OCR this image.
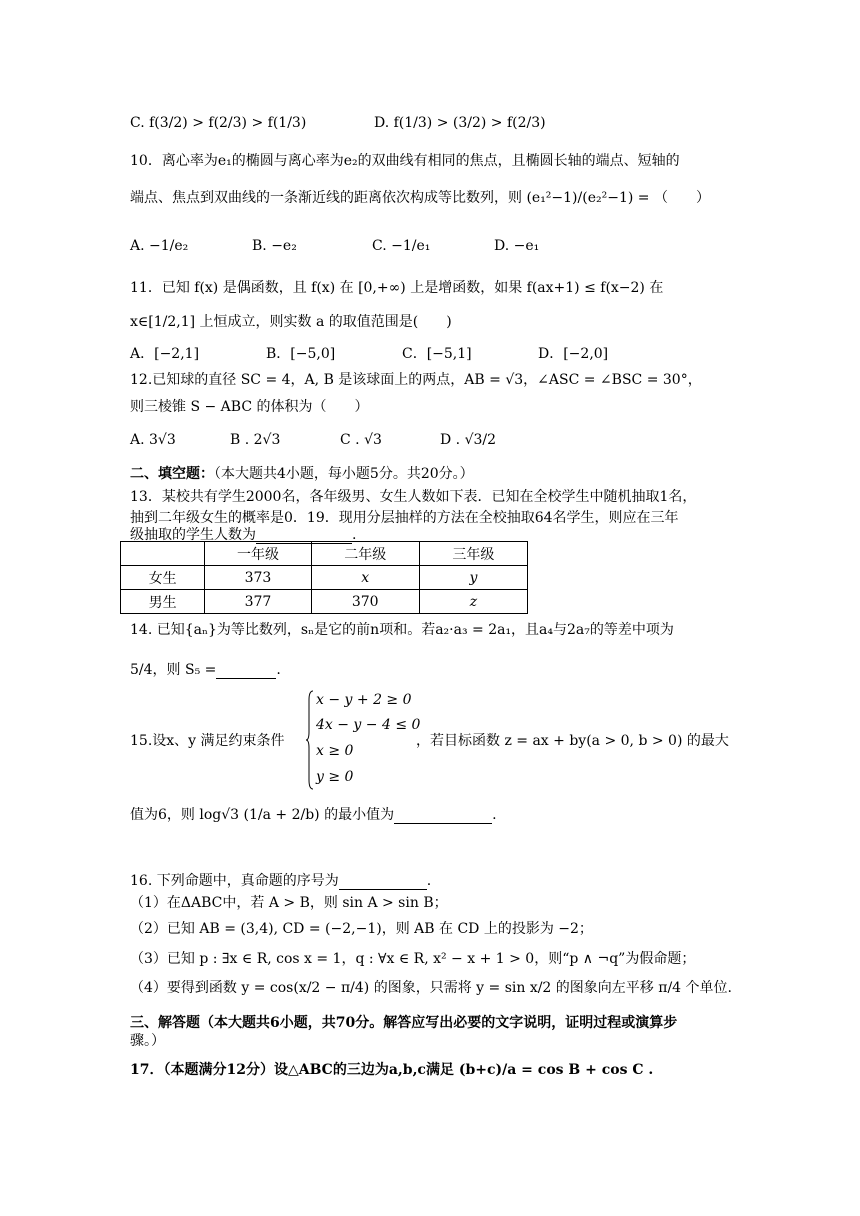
C. f(3/2) > f(2/3) > f(1/3)	D. f(1/3) > (3/2) > f(2/3)
10．离心率为e₁的椭圆与离心率为e₂的双曲线有相同的焦点，且椭圆长轴的端点、短轴的
端点、焦点到双曲线的一条渐近线的距离依次构成等比数列，则 (e₁²−1)/(e₂²−1) = （　　）
A. −1/e₂	B. −e₂	C. −1/e₁	D. −e₁
11．已知 f(x) 是偶函数，且 f(x) 在 [0,+∞) 上是增函数，如果 f(ax+1) ≤ f(x−2) 在
x∈[1/2,1] 上恒成立，则实数 a 的取值范围是(　　)
A．[−2,1]	B．[−5,0]	C．[−5,1]	D．[−2,0]
12.已知球的直径 SC = 4，A, B 是该球面上的两点，AB = √3，∠ASC = ∠BSC = 30°，
则三棱锥 S − ABC 的体积为（　　）
A. 3√3	B . 2√3	C . √3	D . √3/2
二、填空题：（本大题共4小题，每小题5分。共20分。）
13．某校共有学生2000名，各年级男、女生人数如下表．已知在全校学生中随机抽取1名，
抽到二年级女生的概率是0．19．现用分层抽样的方法在全校抽取64名学生，则应在三年
级抽取的学生人数为	.
	一年级	二年级	三年级
女生	373	x	y
男生	377	370	z
14. 已知{aₙ}为等比数列，sₙ是它的前n项和。若a₂·a₃ = 2a₁，且a₄与2a₇的等差中项为
5/4，则 S₅ =	.
15.设x、y 满足约束条件
x − y + 2 ≥ 0
4x − y − 4 ≤ 0
x ≥ 0
y ≥ 0
，若目标函数 z = ax + by(a > 0, b > 0) 的最大
值为6，则 log√3 (1/a + 2/b) 的最小值为	.
16. 下列命题中，真命题的序号为	.
（1）在ΔABC中，若 A > B，则 sin A > sin B；
（2）已知 AB = (3,4), CD = (−2,−1)，则 AB 在 CD 上的投影为 −2；
（3）已知 p : ∃x ∈ R, cos x = 1，q : ∀x ∈ R, x² − x + 1 > 0，则“p ∧ ¬q”为假命题；
（4）要得到函数 y = cos(x/2 − π/4) 的图象，只需将 y = sin x/2 的图象向左平移 π/4 个单位.
三、解答题（本大题共6小题，共70分。解答应写出必要的文字说明，证明过程或演算步
骤。）
17．（本题满分12分）设△ABC的三边为a,b,c满足 (b+c)/a = cos B + cos C .
